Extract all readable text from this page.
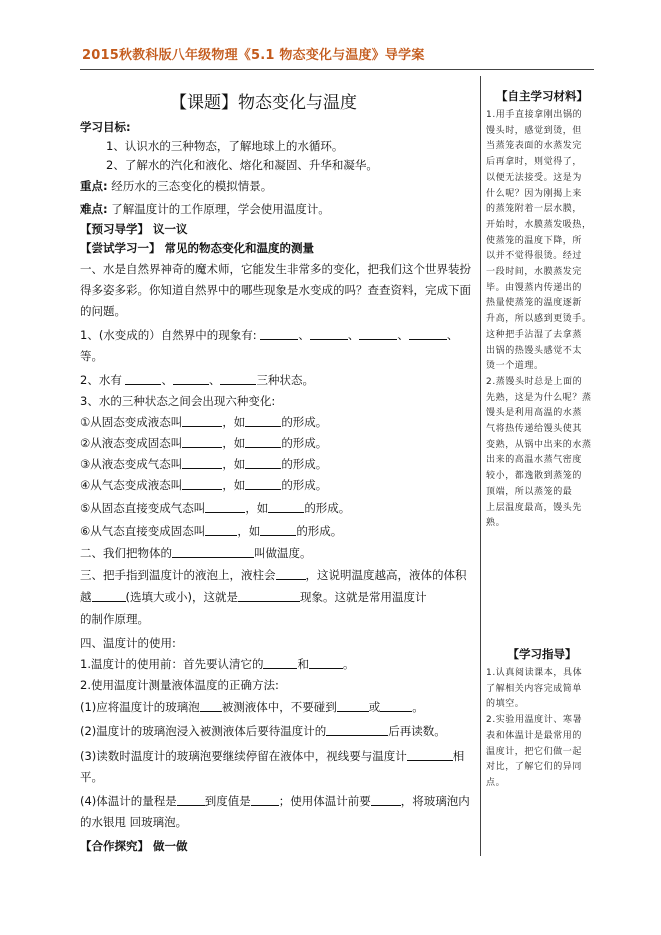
2015秋教科版八年级物理《5.1 物态变化与温度》导学案
【课题】物态变化与温度
学习目标:
1、认识水的三种物态，了解地球上的水循环。
2、了解水的汽化和液化、熔化和凝固、升华和凝华。
重点: 经历水的三态变化的模拟情景。
难点: 了解温度计的工作原理，学会使用温度计。
【预习导学】 议一议
【尝试学习一】 常见的物态变化和温度的测量
一、水是自然界神奇的魔术师，它能发生非常多的变化，把我们这个世界装扮
得多姿多彩。你知道自然界中的哪些现象是水变成的吗？查查资料，完成下面
的问题。
1、(水变成的）自然界中的现象有:	、	、	、	、
等。
2、水有	、	、	三种状态。
3、水的三种状态之间会出现六种变化:
①从固态变成液态叫	，如	的形成。
②从液态变成固态叫	，如	的形成。
③从液态变成气态叫	，如	的形成。
④从气态变成液态叫	，如	的形成。
⑤从固态直接变成气态叫	，如	的形成。
⑥从气态直接变成固态叫	，如	的形成。
二、我们把物体的	叫做温度。
三、把手指到温度计的液泡上，液柱会	，这说明温度越高，液体的体积
越	(选填大或小)，这就是	现象。这就是常用温度计
的制作原理。
四、温度计的使用:
1.温度计的使用前：首先要认清它的	和	。
2.使用温度计测量液体温度的正确方法:
(1)应将温度计的玻璃泡 被测液体中，不要碰到	或	。
(2)温度计的玻璃泡浸入被测液体后要待温度计的	后再读数。
(3)读数时温度计的玻璃泡要继续停留在液体中，视线要与温度计	相
平。
(4)体温计的量程是 到度值是 ；使用体温计前要	，将玻璃泡内
的水银甩 回玻璃泡。
【合作探究】 做一做
【自主学习材料】

1.用手直接拿刚出锅的

馒头时，感觉到烫，但

当蒸笼表面的水蒸发完

后再拿时，则觉得了，

以便无法接受。这是为

什么呢？因为刚揭上来

的蒸笼附着一层水膜，

开始时，水膜蒸发吸热，

使蒸笼的温度下降，所

以并不觉得很烫。经过

一段时间，水膜蒸发完

毕。由馒蒸内传递出的

热量使蒸笼的温度逐新

升高，所以感到更烫手。

这种把手沾湿了去拿蒸

出锅的热馒头感觉不太

烫一个道理。

2.蒸馒头时总是上面的

先熟，这是为什么呢？蒸

馒头是利用高温的水蒸

气将热传递给馒头使其

变熟，从锅中出来的水蒸

出来的高温水蒸气密度

较小，都逸散到蒸笼的

顶端，所以蒸笼的最

上层温度最高，馒头先熟。

【学习指导】

1.认真阅读课本，具体

了解相关内容完成简单

的填空。

2.实验用温度计、寒暑

表和体温计是最常用的

温度计，把它们做一起

对比，了解它们的异同

点。
